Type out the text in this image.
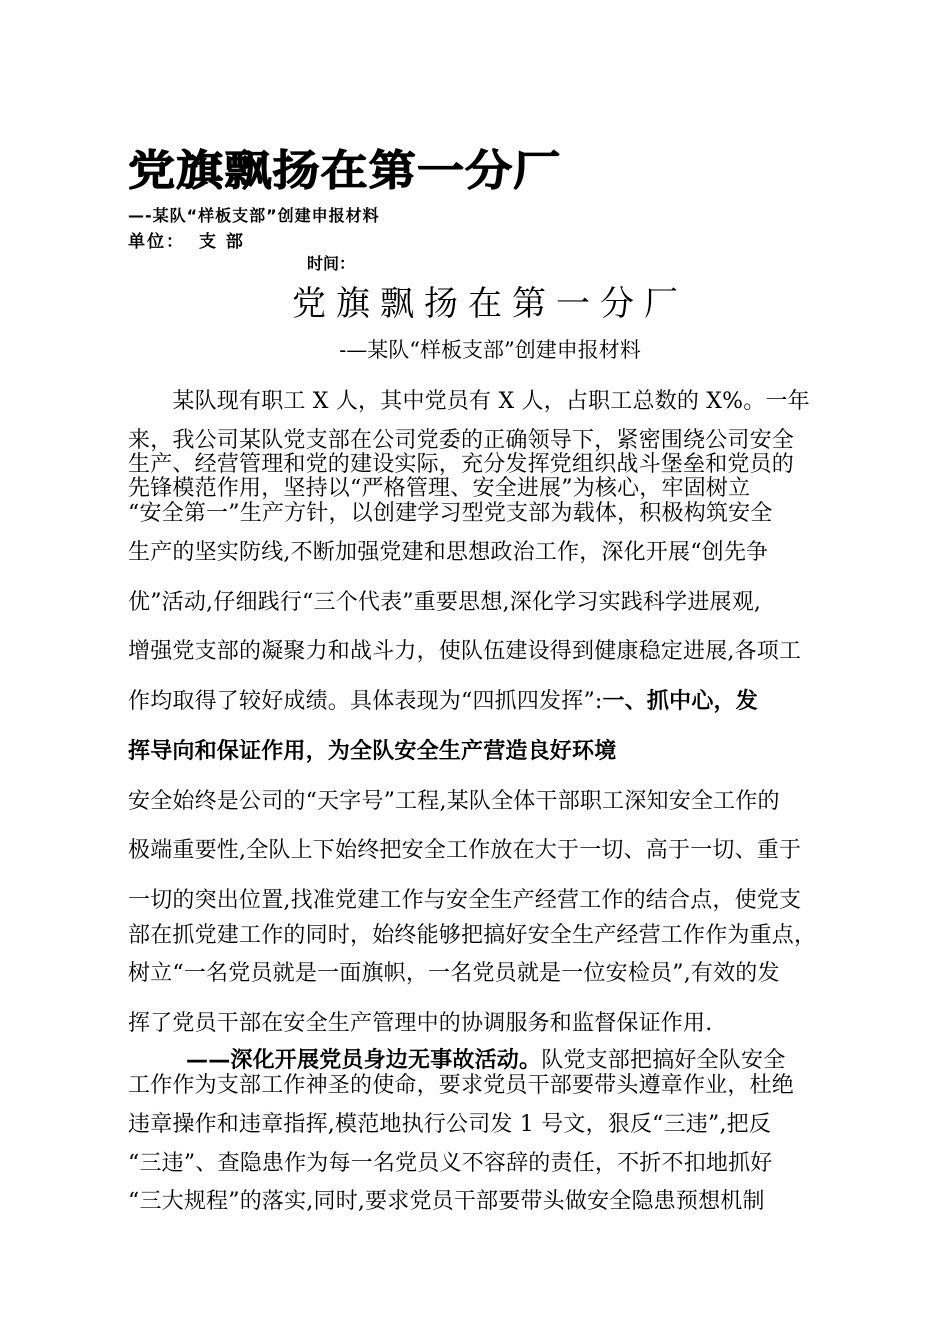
党旗飘扬在第一分厂
—-某队“样板支部”创建申报材料
单位： 支 部
时间：
党旗飘扬在第一分厂
-—某队“样板支部”创建申报材料
　　某队现有职工 X 人，其中党员有 X 人，占职工总数的 X%。一年
来，我公司某队党支部在公司党委的正确领导下，紧密围绕公司安全
生产、经营管理和党的建设实际，充分发挥党组织战斗堡垒和党员的
先锋模范作用，坚持以“严格管理、安全进展”为核心，牢固树立
“安全第一”生产方针，以创建学习型党支部为载体，积极构筑安全
生产的坚实防线,不断加强党建和思想政治工作，深化开展“创先争
优”活动,仔细践行“三个代表”重要思想,深化学习实践科学进展观,
增强党支部的凝聚力和战斗力，使队伍建设得到健康稳定进展,各项工
作均取得了较好成绩。具体表现为“四抓四发挥”:一、抓中心，发
挥导向和保证作用，为全队安全生产营造良好环境
安全始终是公司的“天字号”工程,某队全体干部职工深知安全工作的
极端重要性,全队上下始终把安全工作放在大于一切、高于一切、重于
一切的突出位置,找准党建工作与安全生产经营工作的结合点，使党支
部在抓党建工作的同时，始终能够把搞好安全生产经营工作作为重点，
树立“一名党员就是一面旗帜，一名党员就是一位安检员”,有效的发
挥了党员干部在安全生产管理中的协调服务和监督保证作用.
——深化开展党员身边无事故活动。队党支部把搞好全队安全
工作作为支部工作神圣的使命，要求党员干部要带头遵章作业，杜绝
违章操作和违章指挥,模范地执行公司发 1 号文，狠反“三违”,把反
“三违”、查隐患作为每一名党员义不容辞的责任，不折不扣地抓好
“三大规程”的落实,同时,要求党员干部要带头做安全隐患预想机制
